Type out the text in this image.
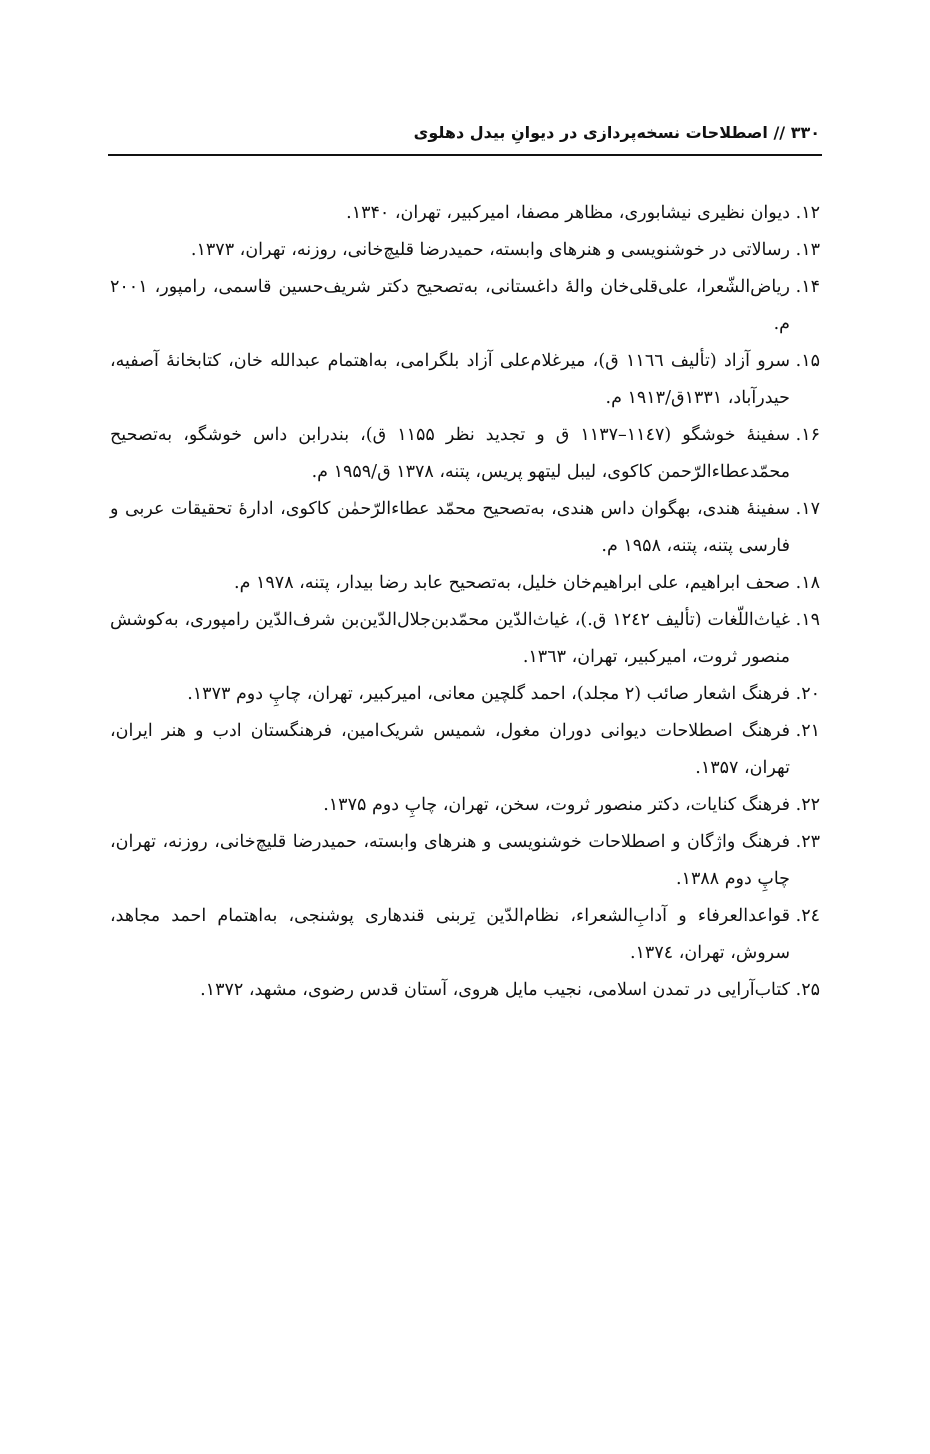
۳۳۰ // اصطلاحات نسخه‌پردازی در دیوانِ بیدل دهلوی
۱۲.
دیوان نظیری نیشابوری، مظاهر مصفا، امیرکبیر، تهران، ۱۳۴۰.
۱۳.
رسالاتی در خوشنویسی و هنرهای وابسته، حمیدرضا قلیچ‌خانی، روزنه، تهران، ۱۳۷۳.
۱۴.
ریاض‌الشّعرا، علی‌قلی‌خان والهٔ داغستانی، به‌تصحیح دکتر شریف‌حسین قاسمی، رامپور، ۲۰۰۱ م.
۱۵.
سرو آزاد (تألیف ۱۱٦٦ ق)، میرغلام‌علی آزاد بلگرامی، به‌اهتمام عبدالله خان، کتابخانهٔ آصفیه، حیدرآباد، ۱۳۳۱ق/۱۹۱۳ م.
۱۶.
سفینهٔ خوشگو (۱۱٤۷–۱۱۳۷ ق و تجدید نظر ۱۱۵۵ ق)، بندرابن داس خوشگو، به‌تصحیح محمّدعطاءالرّحمن کاکوی، لیبل لیتهو پریس، پتنه، ۱۳۷۸ ق/۱۹۵۹ م.
۱۷.
سفینهٔ هندی، بهگوان داس هندی، به‌تصحیح محمّد عطاءالرّحمٰن کاکوی، ادارهٔ تحقیقات عربی و فارسی پتنه، پتنه، ۱۹۵۸ م.
۱۸.
صحف ابراهیم، علی ابراهیم‌خان خلیل، به‌تصحیح عابد رضا بیدار، پتنه، ۱۹۷۸ م.
۱۹.
غیاث‌اللّغات (تألیف ۱۲٤۲ ق.)، غیاث‌الدّین محمّدبن‌جلال‌الدّین‌بن شرف‌الدّین رامپوری، به‌کوشش منصور ثروت، امیرکبیر، تهران، ۱۳٦۳.
۲۰.
فرهنگ اشعار صائب (۲ مجلد)، احمد گلچین معانی، امیرکبیر، تهران، چاپِ دوم ۱۳۷۳.
۲۱.
فرهنگ اصطلاحات دیوانی دوران مغول، شمیس شریک‌امین، فرهنگستان ادب و هنر ایران، تهران، ۱۳۵۷.
۲۲.
فرهنگ کنایات، دکتر منصور ثروت، سخن، تهران، چاپِ دوم ۱۳۷۵.
۲۳.
فرهنگ واژگان و اصطلاحات خوشنویسی و هنرهای وابسته، حمیدرضا قلیچ‌خانی، روزنه، تهران، چاپِ دوم ۱۳۸۸.
۲٤.
قواعدالعرفاء و آدابِ‌الشعراء، نظام‌الدّین تِربنی قندهاری پوشنجی، به‌اهتمام احمد مجاهد، سروش، تهران، ۱۳۷٤.
۲۵.
کتاب‌آرایی در تمدن اسلامی، نجیب مایل هروی، آستان قدس رضوی، مشهد، ۱۳۷۲.
